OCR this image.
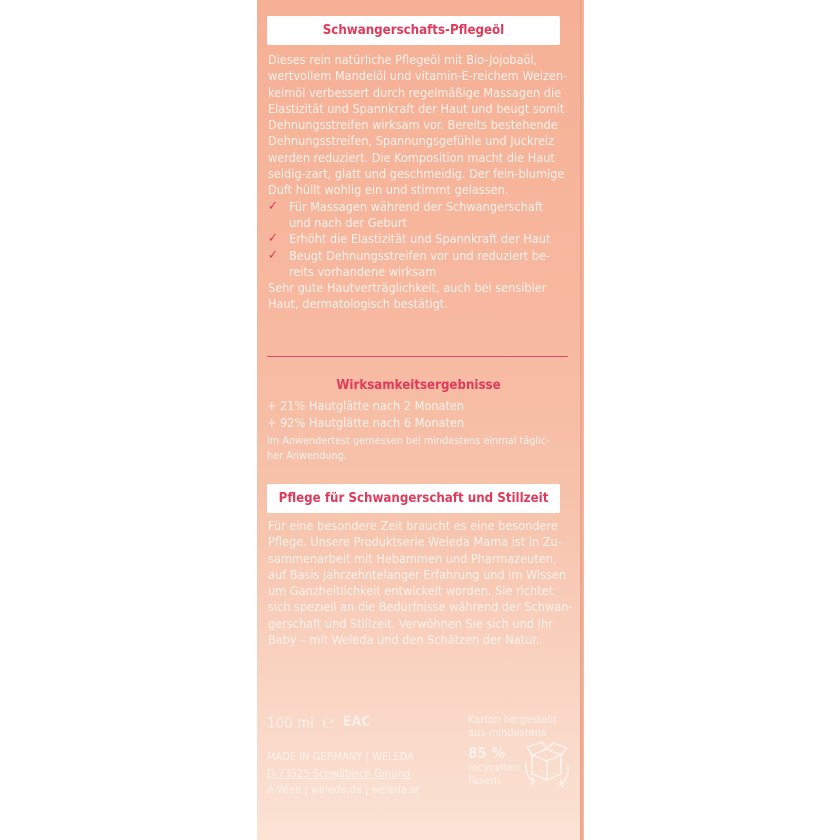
Schwangerschafts-Pflegeöl
Dieses rein natürliche Pflegeöl mit Bio-Jojobaöl,
wertvollem Mandelöl und vitamin-E-reichem Weizen-
keimöl verbessert durch regelmäßige Massagen die
Elastizität und Spannkraft der Haut und beugt somit
Dehnungsstreifen wirksam vor. Bereits bestehende
Dehnungsstreifen, Spannungsgefühle und Juckreiz
werden reduziert. Die Komposition macht die Haut
seidig-zart, glatt und geschmeidig. Der fein-blumige
Duft hüllt wohlig ein und stimmt gelassen.
✓ Für Massagen während der Schwangerschaft
und nach der Geburt
✓ Erhöht die Elastizität und Spannkraft der Haut
✓ Beugt Dehnungsstreifen vor und reduziert be-
reits vorhandene wirksam
Sehr gute Hautverträglichkeit, auch bei sensibler
Haut, dermatologisch bestätigt.
Wirksamkeitsergebnisse
+ 21% Hautglätte nach 2 Monaten
+ 92% Hautglätte nach 6 Monaten
im Anwendertest gemessen bei mindestens einmal täglic-
her Anwendung.
Pflege für Schwangerschaft und Stillzeit
Für eine besondere Zeit braucht es eine besondere
Pflege. Unsere Produktserie Weleda Mama ist in Zu-
sammenarbeit mit Hebammen und Pharmazeuten,
auf Basis jahrzehntelanger Erfahrung und im Wissen
um Ganzheitlichkeit entwickelt worden. Sie richtet
sich speziell an die Bedürfnisse während der Schwan-
gerschaft und Stillzeit. Verwöhnen Sie sich und Ihr
Baby – mit Weleda und den Schätzen der Natur.
100 ml ℮ EAC
MADE IN GERMANY | WELEDA
D-73525 Schwäbisch Gmünd
A-Wien | weleda.de | weleda.at
Karton hergestellt
aus mindestens
85 %
recycelten
Fasern
